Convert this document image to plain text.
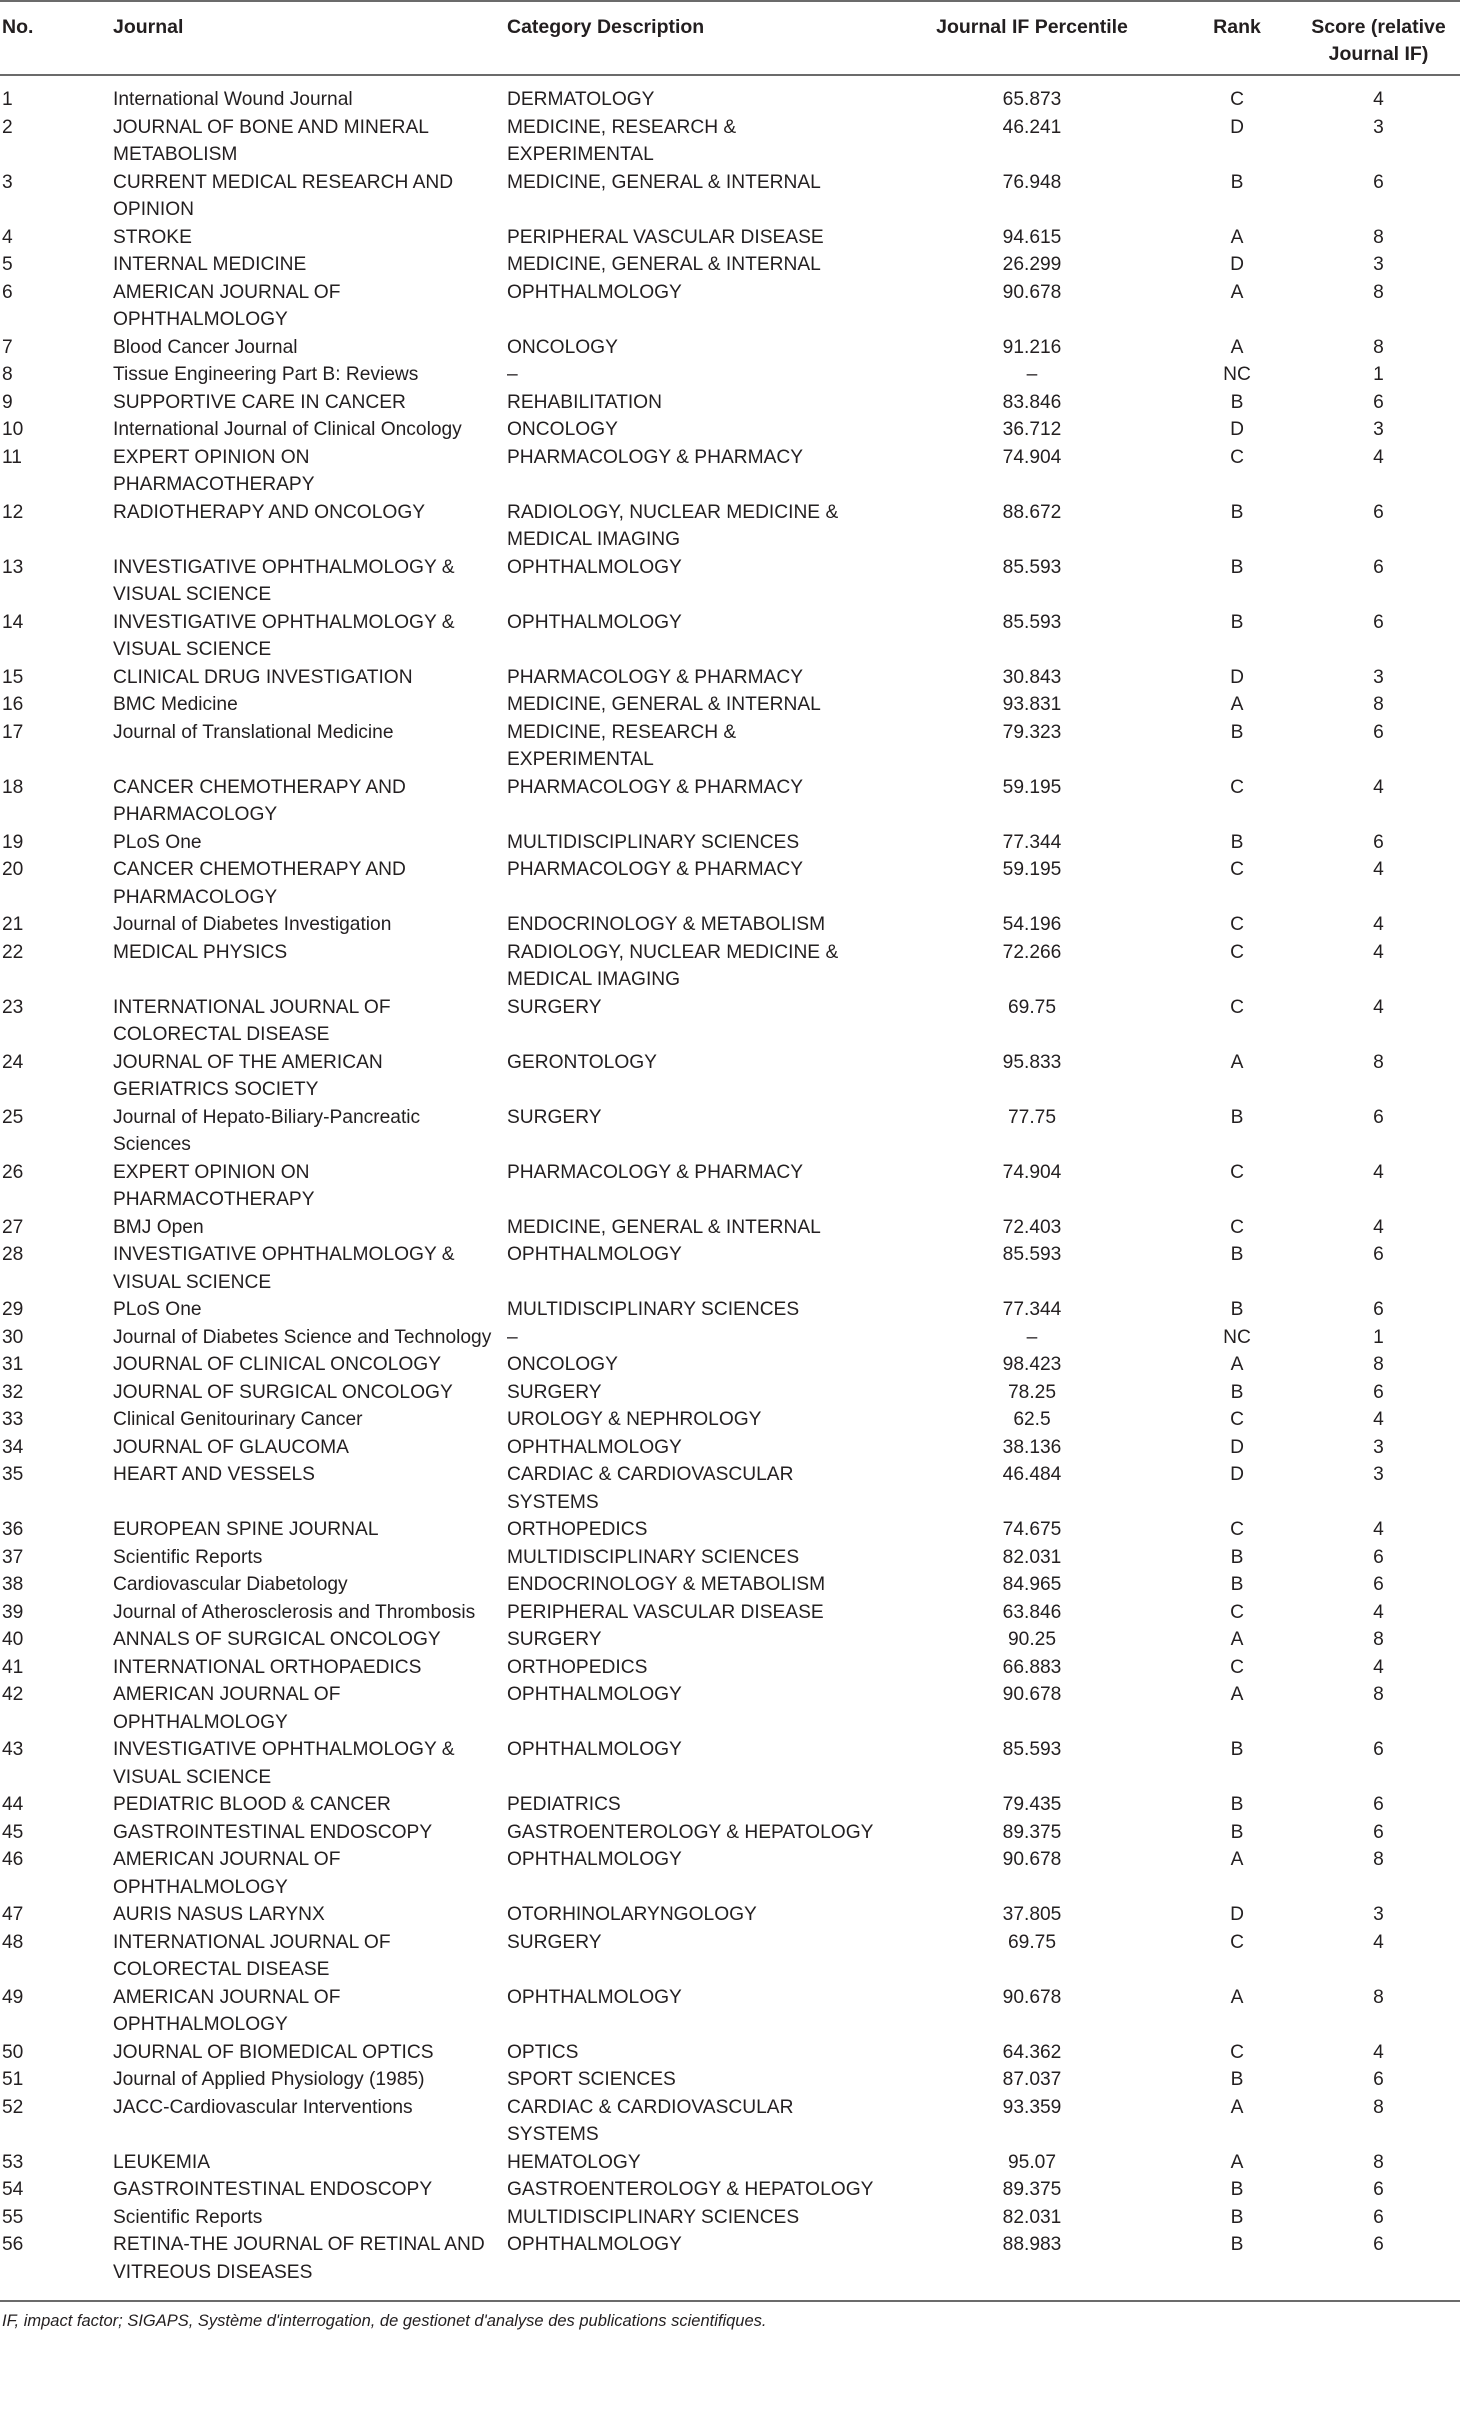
No.	Journal	Category Description	Journal IF Percentile	Rank	Score (relative Journal IF)
1	International Wound Journal	DERMATOLOGY	65.873	C	4
2	JOURNAL OF BONE AND MINERAL METABOLISM	MEDICINE, RESEARCH & EXPERIMENTAL	46.241	D	3
3	CURRENT MEDICAL RESEARCH AND OPINION	MEDICINE, GENERAL & INTERNAL	76.948	B	6
4	STROKE	PERIPHERAL VASCULAR DISEASE	94.615	A	8
5	INTERNAL MEDICINE	MEDICINE, GENERAL & INTERNAL	26.299	D	3
6	AMERICAN JOURNAL OF OPHTHALMOLOGY	OPHTHALMOLOGY	90.678	A	8
7	Blood Cancer Journal	ONCOLOGY	91.216	A	8
8	Tissue Engineering Part B: Reviews	–	–	NC	1
9	SUPPORTIVE CARE IN CANCER	REHABILITATION	83.846	B	6
10	International Journal of Clinical Oncology	ONCOLOGY	36.712	D	3
11	EXPERT OPINION ON PHARMACOTHERAPY	PHARMACOLOGY & PHARMACY	74.904	C	4
12	RADIOTHERAPY AND ONCOLOGY	RADIOLOGY, NUCLEAR MEDICINE & MEDICAL IMAGING	88.672	B	6
13	INVESTIGATIVE OPHTHALMOLOGY & VISUAL SCIENCE	OPHTHALMOLOGY	85.593	B	6
14	INVESTIGATIVE OPHTHALMOLOGY & VISUAL SCIENCE	OPHTHALMOLOGY	85.593	B	6
15	CLINICAL DRUG INVESTIGATION	PHARMACOLOGY & PHARMACY	30.843	D	3
16	BMC Medicine	MEDICINE, GENERAL & INTERNAL	93.831	A	8
17	Journal of Translational Medicine	MEDICINE, RESEARCH & EXPERIMENTAL	79.323	B	6
18	CANCER CHEMOTHERAPY AND PHARMACOLOGY	PHARMACOLOGY & PHARMACY	59.195	C	4
19	PLoS One	MULTIDISCIPLINARY SCIENCES	77.344	B	6
20	CANCER CHEMOTHERAPY AND PHARMACOLOGY	PHARMACOLOGY & PHARMACY	59.195	C	4
21	Journal of Diabetes Investigation	ENDOCRINOLOGY & METABOLISM	54.196	C	4
22	MEDICAL PHYSICS	RADIOLOGY, NUCLEAR MEDICINE & MEDICAL IMAGING	72.266	C	4
23	INTERNATIONAL JOURNAL OF COLORECTAL DISEASE	SURGERY	69.75	C	4
24	JOURNAL OF THE AMERICAN GERIATRICS SOCIETY	GERONTOLOGY	95.833	A	8
25	Journal of Hepato-Biliary-Pancreatic Sciences	SURGERY	77.75	B	6
26	EXPERT OPINION ON PHARMACOTHERAPY	PHARMACOLOGY & PHARMACY	74.904	C	4
27	BMJ Open	MEDICINE, GENERAL & INTERNAL	72.403	C	4
28	INVESTIGATIVE OPHTHALMOLOGY & VISUAL SCIENCE	OPHTHALMOLOGY	85.593	B	6
29	PLoS One	MULTIDISCIPLINARY SCIENCES	77.344	B	6
30	Journal of Diabetes Science and Technology	–	–	NC	1
31	JOURNAL OF CLINICAL ONCOLOGY	ONCOLOGY	98.423	A	8
32	JOURNAL OF SURGICAL ONCOLOGY	SURGERY	78.25	B	6
33	Clinical Genitourinary Cancer	UROLOGY & NEPHROLOGY	62.5	C	4
34	JOURNAL OF GLAUCOMA	OPHTHALMOLOGY	38.136	D	3
35	HEART AND VESSELS	CARDIAC & CARDIOVASCULAR SYSTEMS	46.484	D	3
36	EUROPEAN SPINE JOURNAL	ORTHOPEDICS	74.675	C	4
37	Scientific Reports	MULTIDISCIPLINARY SCIENCES	82.031	B	6
38	Cardiovascular Diabetology	ENDOCRINOLOGY & METABOLISM	84.965	B	6
39	Journal of Atherosclerosis and Thrombosis	PERIPHERAL VASCULAR DISEASE	63.846	C	4
40	ANNALS OF SURGICAL ONCOLOGY	SURGERY	90.25	A	8
41	INTERNATIONAL ORTHOPAEDICS	ORTHOPEDICS	66.883	C	4
42	AMERICAN JOURNAL OF OPHTHALMOLOGY	OPHTHALMOLOGY	90.678	A	8
43	INVESTIGATIVE OPHTHALMOLOGY & VISUAL SCIENCE	OPHTHALMOLOGY	85.593	B	6
44	PEDIATRIC BLOOD & CANCER	PEDIATRICS	79.435	B	6
45	GASTROINTESTINAL ENDOSCOPY	GASTROENTEROLOGY & HEPATOLOGY	89.375	B	6
46	AMERICAN JOURNAL OF OPHTHALMOLOGY	OPHTHALMOLOGY	90.678	A	8
47	AURIS NASUS LARYNX	OTORHINOLARYNGOLOGY	37.805	D	3
48	INTERNATIONAL JOURNAL OF COLORECTAL DISEASE	SURGERY	69.75	C	4
49	AMERICAN JOURNAL OF OPHTHALMOLOGY	OPHTHALMOLOGY	90.678	A	8
50	JOURNAL OF BIOMEDICAL OPTICS	OPTICS	64.362	C	4
51	Journal of Applied Physiology (1985)	SPORT SCIENCES	87.037	B	6
52	JACC-Cardiovascular Interventions	CARDIAC & CARDIOVASCULAR SYSTEMS	93.359	A	8
53	LEUKEMIA	HEMATOLOGY	95.07	A	8
54	GASTROINTESTINAL ENDOSCOPY	GASTROENTEROLOGY & HEPATOLOGY	89.375	B	6
55	Scientific Reports	MULTIDISCIPLINARY SCIENCES	82.031	B	6
56	RETINA-THE JOURNAL OF RETINAL AND VITREOUS DISEASES	OPHTHALMOLOGY	88.983	B	6
IF, impact factor; SIGAPS, Système d'interrogation, de gestionet d'analyse des publications scientifiques.
